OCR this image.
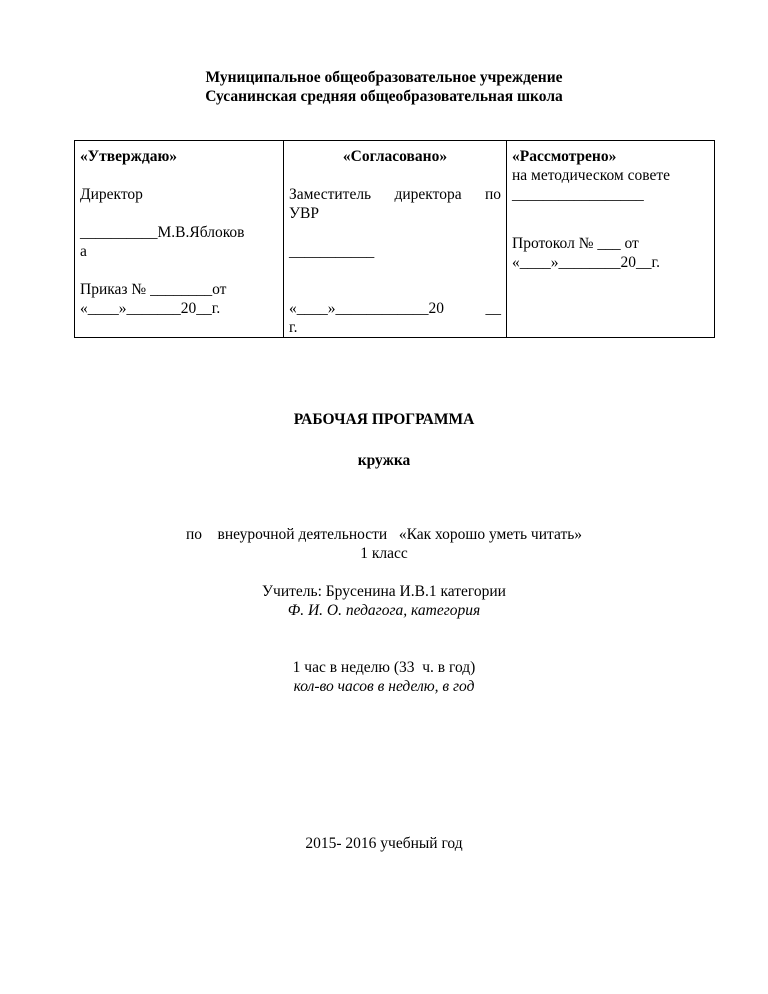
Муниципальное общеобразовательное учреждение
Сусанинская средняя общеобразовательная школа
«Утверждаю»

Директор

__________М.В.Яблоков
а

Приказ № ________от
«____»_______20__г.

«Согласовано»

Заместитель директора по
УВР

___________

«____»____________20 __
г.

«Рассмотрено»
на методическом совете
_________________

Протокол № ___ от
«____»________20__г.
РАБОЧАЯ ПРОГРАММА
кружка
по    внеурочной деятельности   «Как хорошо уметь читать»
1 класс
Учитель: Брусенина И.В.1 категории
Ф. И. О. педагога, категория
1 час в неделю (33  ч. в год)
кол-во часов в неделю, в год
2015- 2016 учебный год
